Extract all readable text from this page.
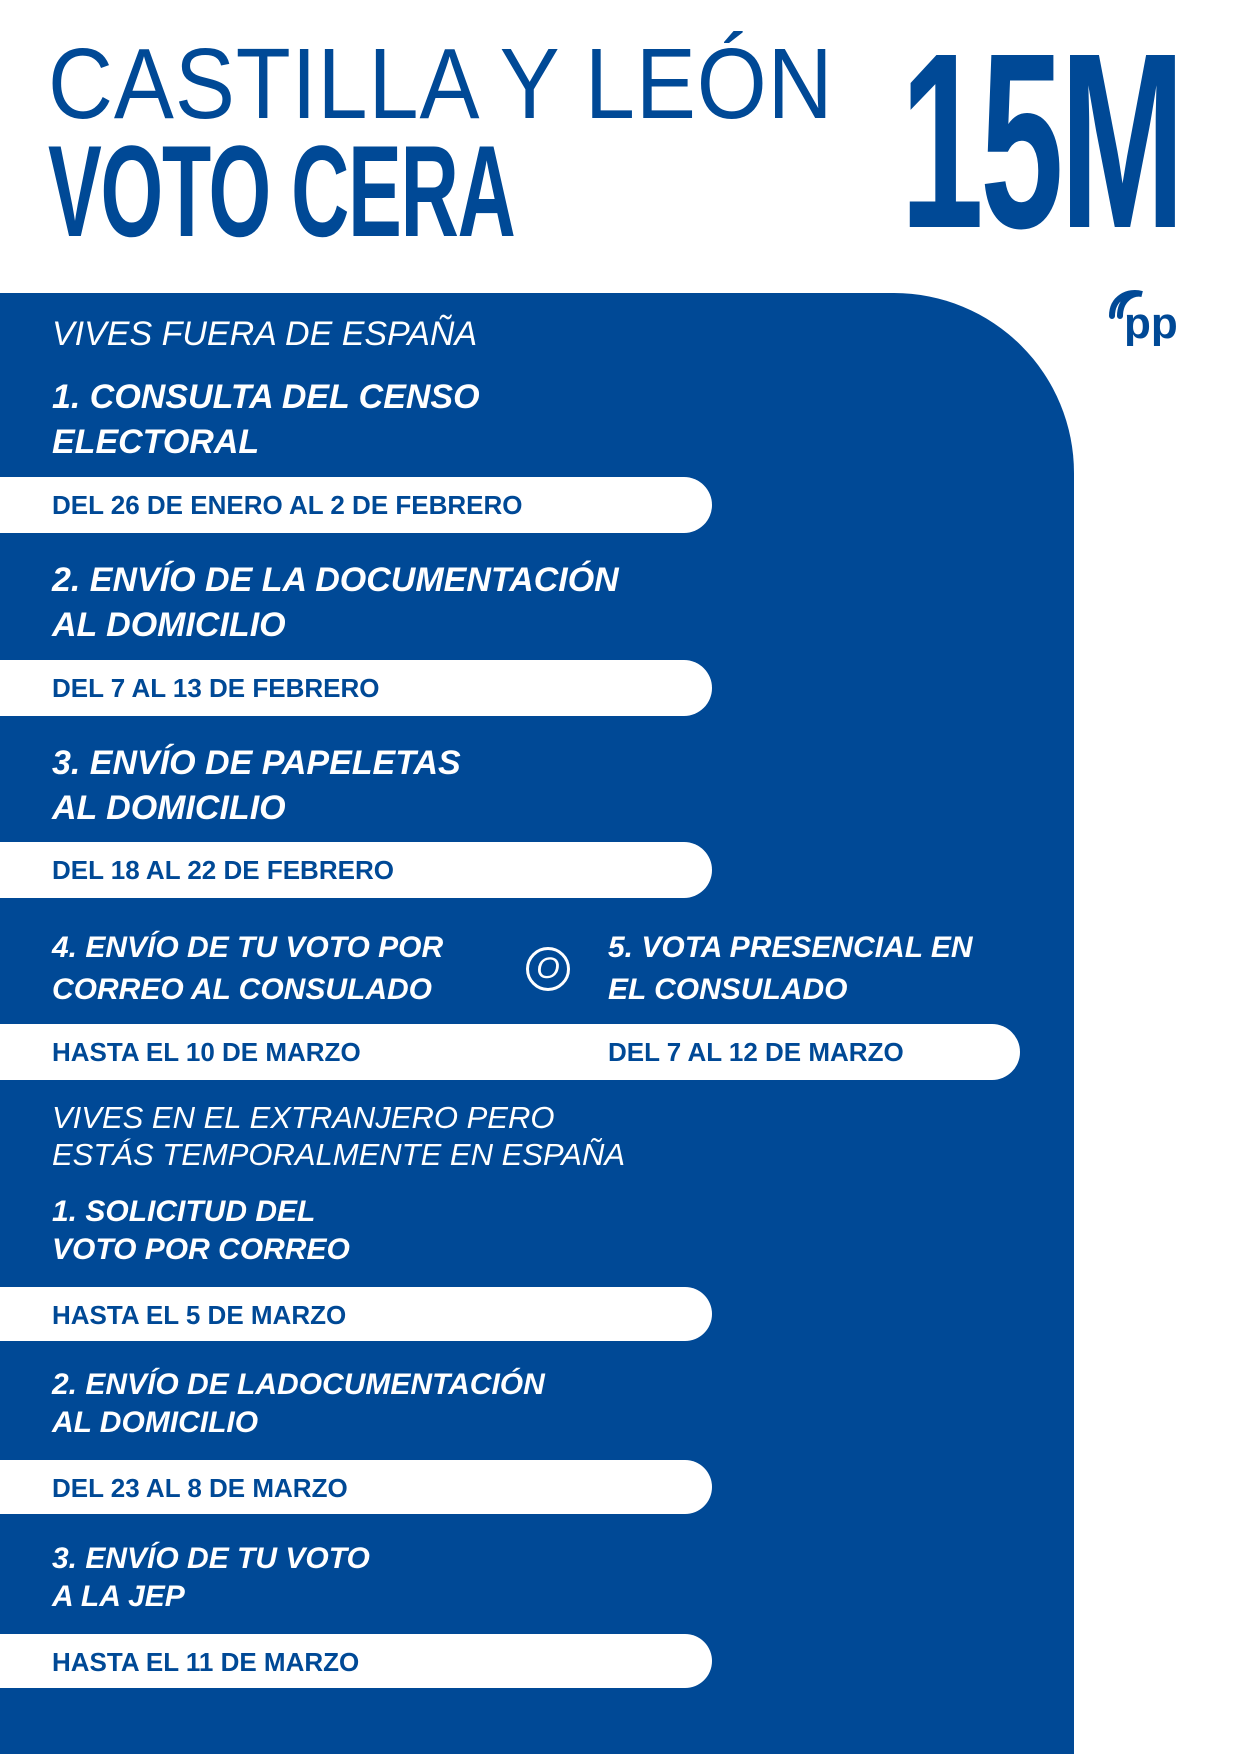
CASTILLA Y LEÓN
VOTO CERA 15M
pp
VIVES FUERA DE ESPAÑA
1. CONSULTA DEL CENSO
ELECTORAL
DEL 26 DE ENERO AL 2 DE FEBRERO
2. ENVÍO DE LA DOCUMENTACIÓN
AL DOMICILIO
DEL 7 AL 13 DE FEBRERO
3. ENVÍO DE PAPELETAS
AL DOMICILIO
DEL 18 AL 22 DE FEBRERO
4. ENVÍO DE TU VOTO POR
CORREO AL CONSULADO
O
5. VOTA PRESENCIAL EN
EL CONSULADO
HASTA EL 10 DE MARZO	DEL 7 AL 12 DE MARZO
VIVES EN EL EXTRANJERO PERO
ESTÁS TEMPORALMENTE EN ESPAÑA
1. SOLICITUD DEL
VOTO POR CORREO
HASTA EL 5 DE MARZO
2. ENVÍO DE LADOCUMENTACIÓN
AL DOMICILIO
DEL 23 AL 8 DE MARZO
3. ENVÍO DE TU VOTO
A LA JEP
HASTA EL 11 DE MARZO
